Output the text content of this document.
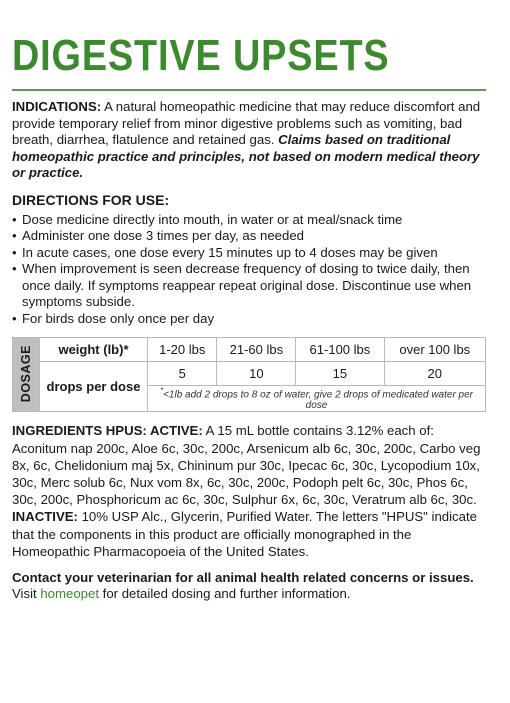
DIGESTIVE UPSETS

INDICATIONS: A natural homeopathic medicine that may reduce discomfort and provide temporary relief from minor digestive problems such as vomiting, bad breath, diarrhea, flatulence and retained gas. Claims based on traditional homeopathic practice and principles, not based on modern medical theory or practice.

DIRECTIONS FOR USE:
• Dose medicine directly into mouth, in water or at meal/snack time
• Administer one dose 3 times per day, as needed
• In acute cases, one dose every 15 minutes up to 4 doses may be given
• When improvement is seen decrease frequency of dosing to twice daily, then once daily. If symptoms reappear repeat original dose. Discontinue use when symptoms subside.
• For birds dose only once per day
DOSAGE	weight (lb)*	1-20 lbs	21-60 lbs	61-100 lbs	over 100 lbs
	drops per dose	5	10	15	20
		*<1lb add 2 drops to 8 oz of water, give 2 drops of medicated water per dose			

INGREDIENTS HPUS: ACTIVE: A 15 mL bottle contains 3.12% each of: Aconitum nap 200c, Aloe 6c, 30c, 200c, Arsenicum alb 6c, 30c, 200c, Carbo veg 8x, 6c, Chelidonium maj 5x, Chininum pur 30c, Ipecac 6c, 30c, Lycopodium 10x, 30c, Merc solub 6c, Nux vom 8x, 6c, 30c, 200c, Podoph pelt 6c, 30c, Phos 6c, 30c, 200c, Phosphoricum ac 6c, 30c, Sulphur 6x, 6c, 30c, Veratrum alb 6c, 30c. INACTIVE: 10% USP Alc., Glycerin, Purified Water. The letters "HPUS" indicate that the components in this product are officially monographed in the Homeopathic Pharmacopoeia of the United States.

Contact your veterinarian for all animal health related concerns or issues.
Visit homeopet for detailed dosing and further information.
